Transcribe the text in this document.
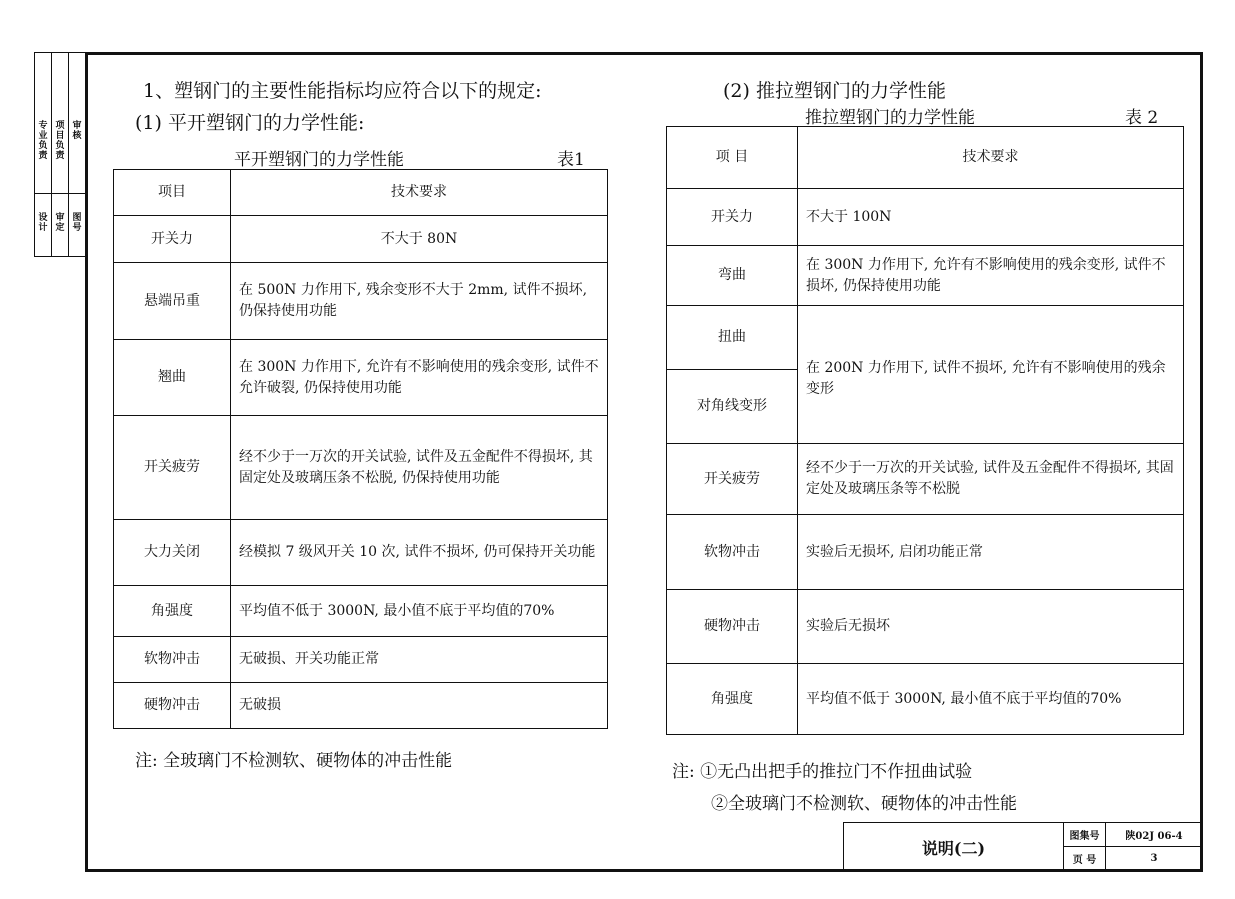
专业负责
设计
项目负责
审定
审核
图号
1、塑钢门的主要性能指标均应符合以下的规定:
(1) 平开塑钢门的力学性能:
平开塑钢门的力学性能	表1
项目	技术要求
开关力	不大于 80N
悬端吊重	在 500N 力作用下, 残余变形不大于 2mm, 试件不损坏, 仍保持使用功能
翘曲	在 300N 力作用下, 允许有不影响使用的残余变形, 试件不允许破裂, 仍保持使用功能
开关疲劳	经不少于一万次的开关试验, 试件及五金配件不得损坏, 其固定处及玻璃压条不松脱, 仍保持使用功能
大力关闭	经模拟 7 级风开关 10 次, 试件不损坏, 仍可保持开关功能
角强度	平均值不低于 3000N, 最小值不底于平均值的70%
软物冲击	无破损、开关功能正常
硬物冲击	无破损
注: 全玻璃门不检测软、硬物体的冲击性能
(2) 推拉塑钢门的力学性能
推拉塑钢门的力学性能	表 2
项 目	技术要求
开关力	不大于 100N
弯曲	在 300N 力作用下, 允许有不影响使用的残余变形, 试件不损坏, 仍保持使用功能
扭曲	在 200N 力作用下, 试件不损坏, 允许有不影响使用的残余变形
对角线变形	
开关疲劳	经不少于一万次的开关试验, 试件及五金配件不得损坏, 其固定处及玻璃压条等不松脱
软物冲击	实验后无损坏, 启闭功能正常
硬物冲击	实验后无损坏
角强度	平均值不低于 3000N, 最小值不底于平均值的70%
注: ①无凸出把手的推拉门不作扭曲试验
②全玻璃门不检测软、硬物体的冲击性能
说明(二)
图集号	陕02J 06-4
页 号	3
